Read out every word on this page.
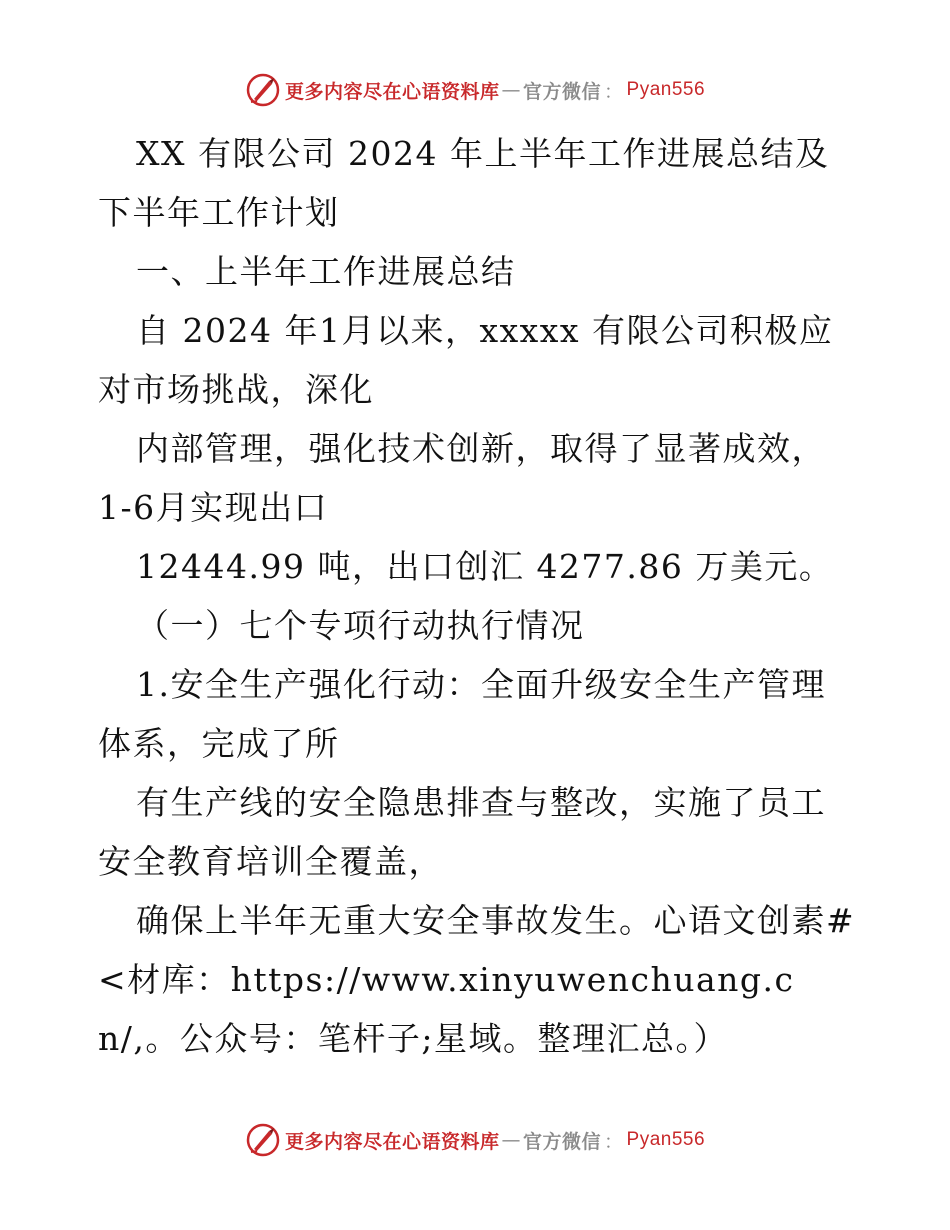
更多内容尽在心语资料库 — 官方微信 ： Pyan556

XX 有限公司 2024 年上半年工作进展总结及下半年工作计划

一、上半年工作进展总结

自 2024 年1月以来，xxxxx 有限公司积极应对市场挑战，深化

内部管理，强化技术创新，取得了显著成效， 1-6月实现出口

12444.99 吨，出口创汇 4277.86 万美元。

（一）七个专项行动执行情况

1.安全生产强化行动：全面升级安全生产管理体系，完成了所

有生产线的安全隐患排查与整改，实施了员工安全教育培训全覆盖，

确保上半年无重大安全事故发生。心语文创素#<材库：https://www.xinyuwenchuang.cn/,。公众号：笔杆子;星域。整理汇总。）

更多内容尽在心语资料库 — 官方微信 ： Pyan556
